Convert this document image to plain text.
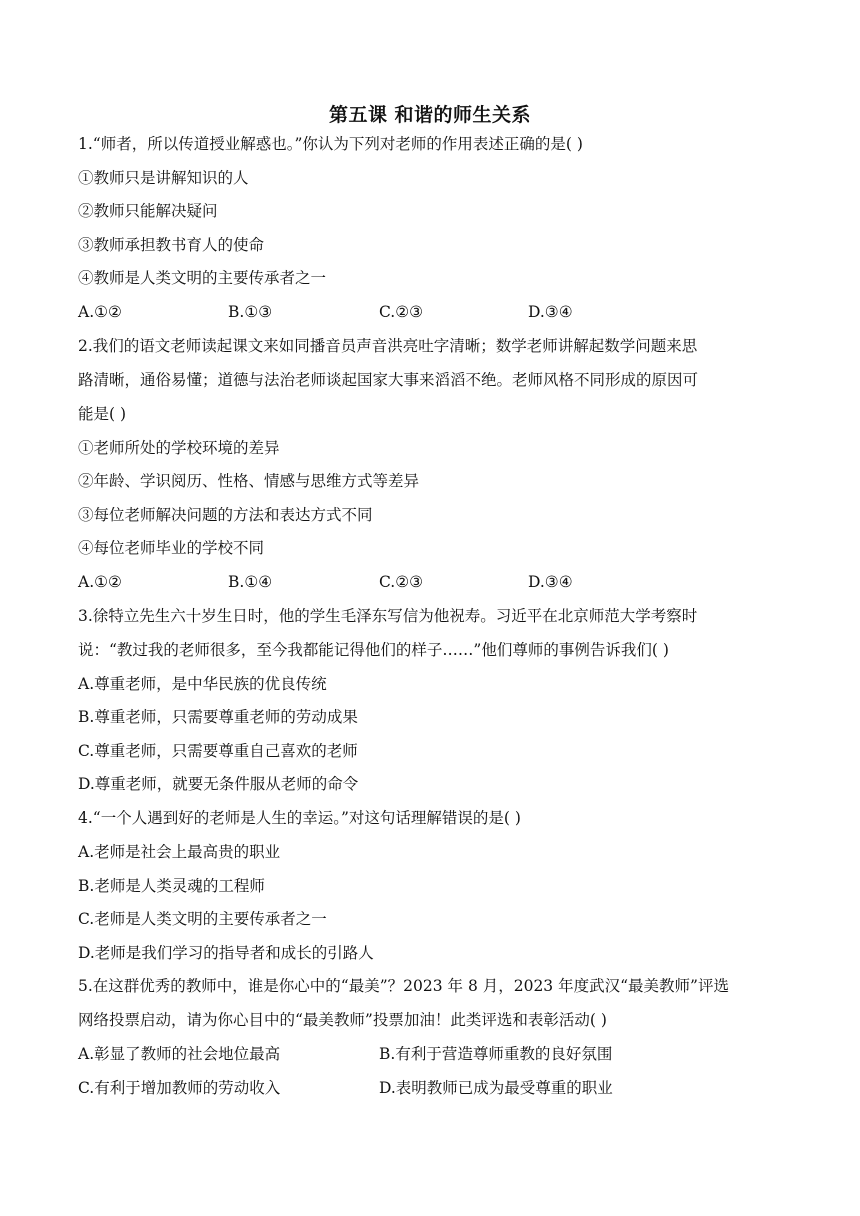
第五课 和谐的师生关系
1.“师者，所以传道授业解惑也。”你认为下列对老师的作用表述正确的是( )
①教师只是讲解知识的人
②教师只能解决疑问
③教师承担教书育人的使命
④教师是人类文明的主要传承者之一
A.①②	B.①③	C.②③	D.③④
2.我们的语文老师读起课文来如同播音员声音洪亮吐字清晰；数学老师讲解起数学问题来思
路清晰，通俗易懂；道德与法治老师谈起国家大事来滔滔不绝。老师风格不同形成的原因可
能是( )
①老师所处的学校环境的差异
②年龄、学识阅历、性格、情感与思维方式等差异
③每位老师解决问题的方法和表达方式不同
④每位老师毕业的学校不同
A.①②	B.①④	C.②③	D.③④
3.徐特立先生六十岁生日时，他的学生毛泽东写信为他祝寿。习近平在北京师范大学考察时
说：“教过我的老师很多，至今我都能记得他们的样子……”他们尊师的事例告诉我们( )
A.尊重老师，是中华民族的优良传统
B.尊重老师，只需要尊重老师的劳动成果
C.尊重老师，只需要尊重自己喜欢的老师
D.尊重老师，就要无条件服从老师的命令
4.“一个人遇到好的老师是人生的幸运。”对这句话理解错误的是( )
A.老师是社会上最高贵的职业
B.老师是人类灵魂的工程师
C.老师是人类文明的主要传承者之一
D.老师是我们学习的指导者和成长的引路人
5.在这群优秀的教师中，谁是你心中的“最美”？2023 年 8 月，2023 年度武汉“最美教师”评选
网络投票启动，请为你心目中的“最美教师”投票加油！此类评选和表彰活动( )
A.彰显了教师的社会地位最高	B.有利于营造尊师重教的良好氛围
C.有利于增加教师的劳动收入	D.表明教师已成为最受尊重的职业
